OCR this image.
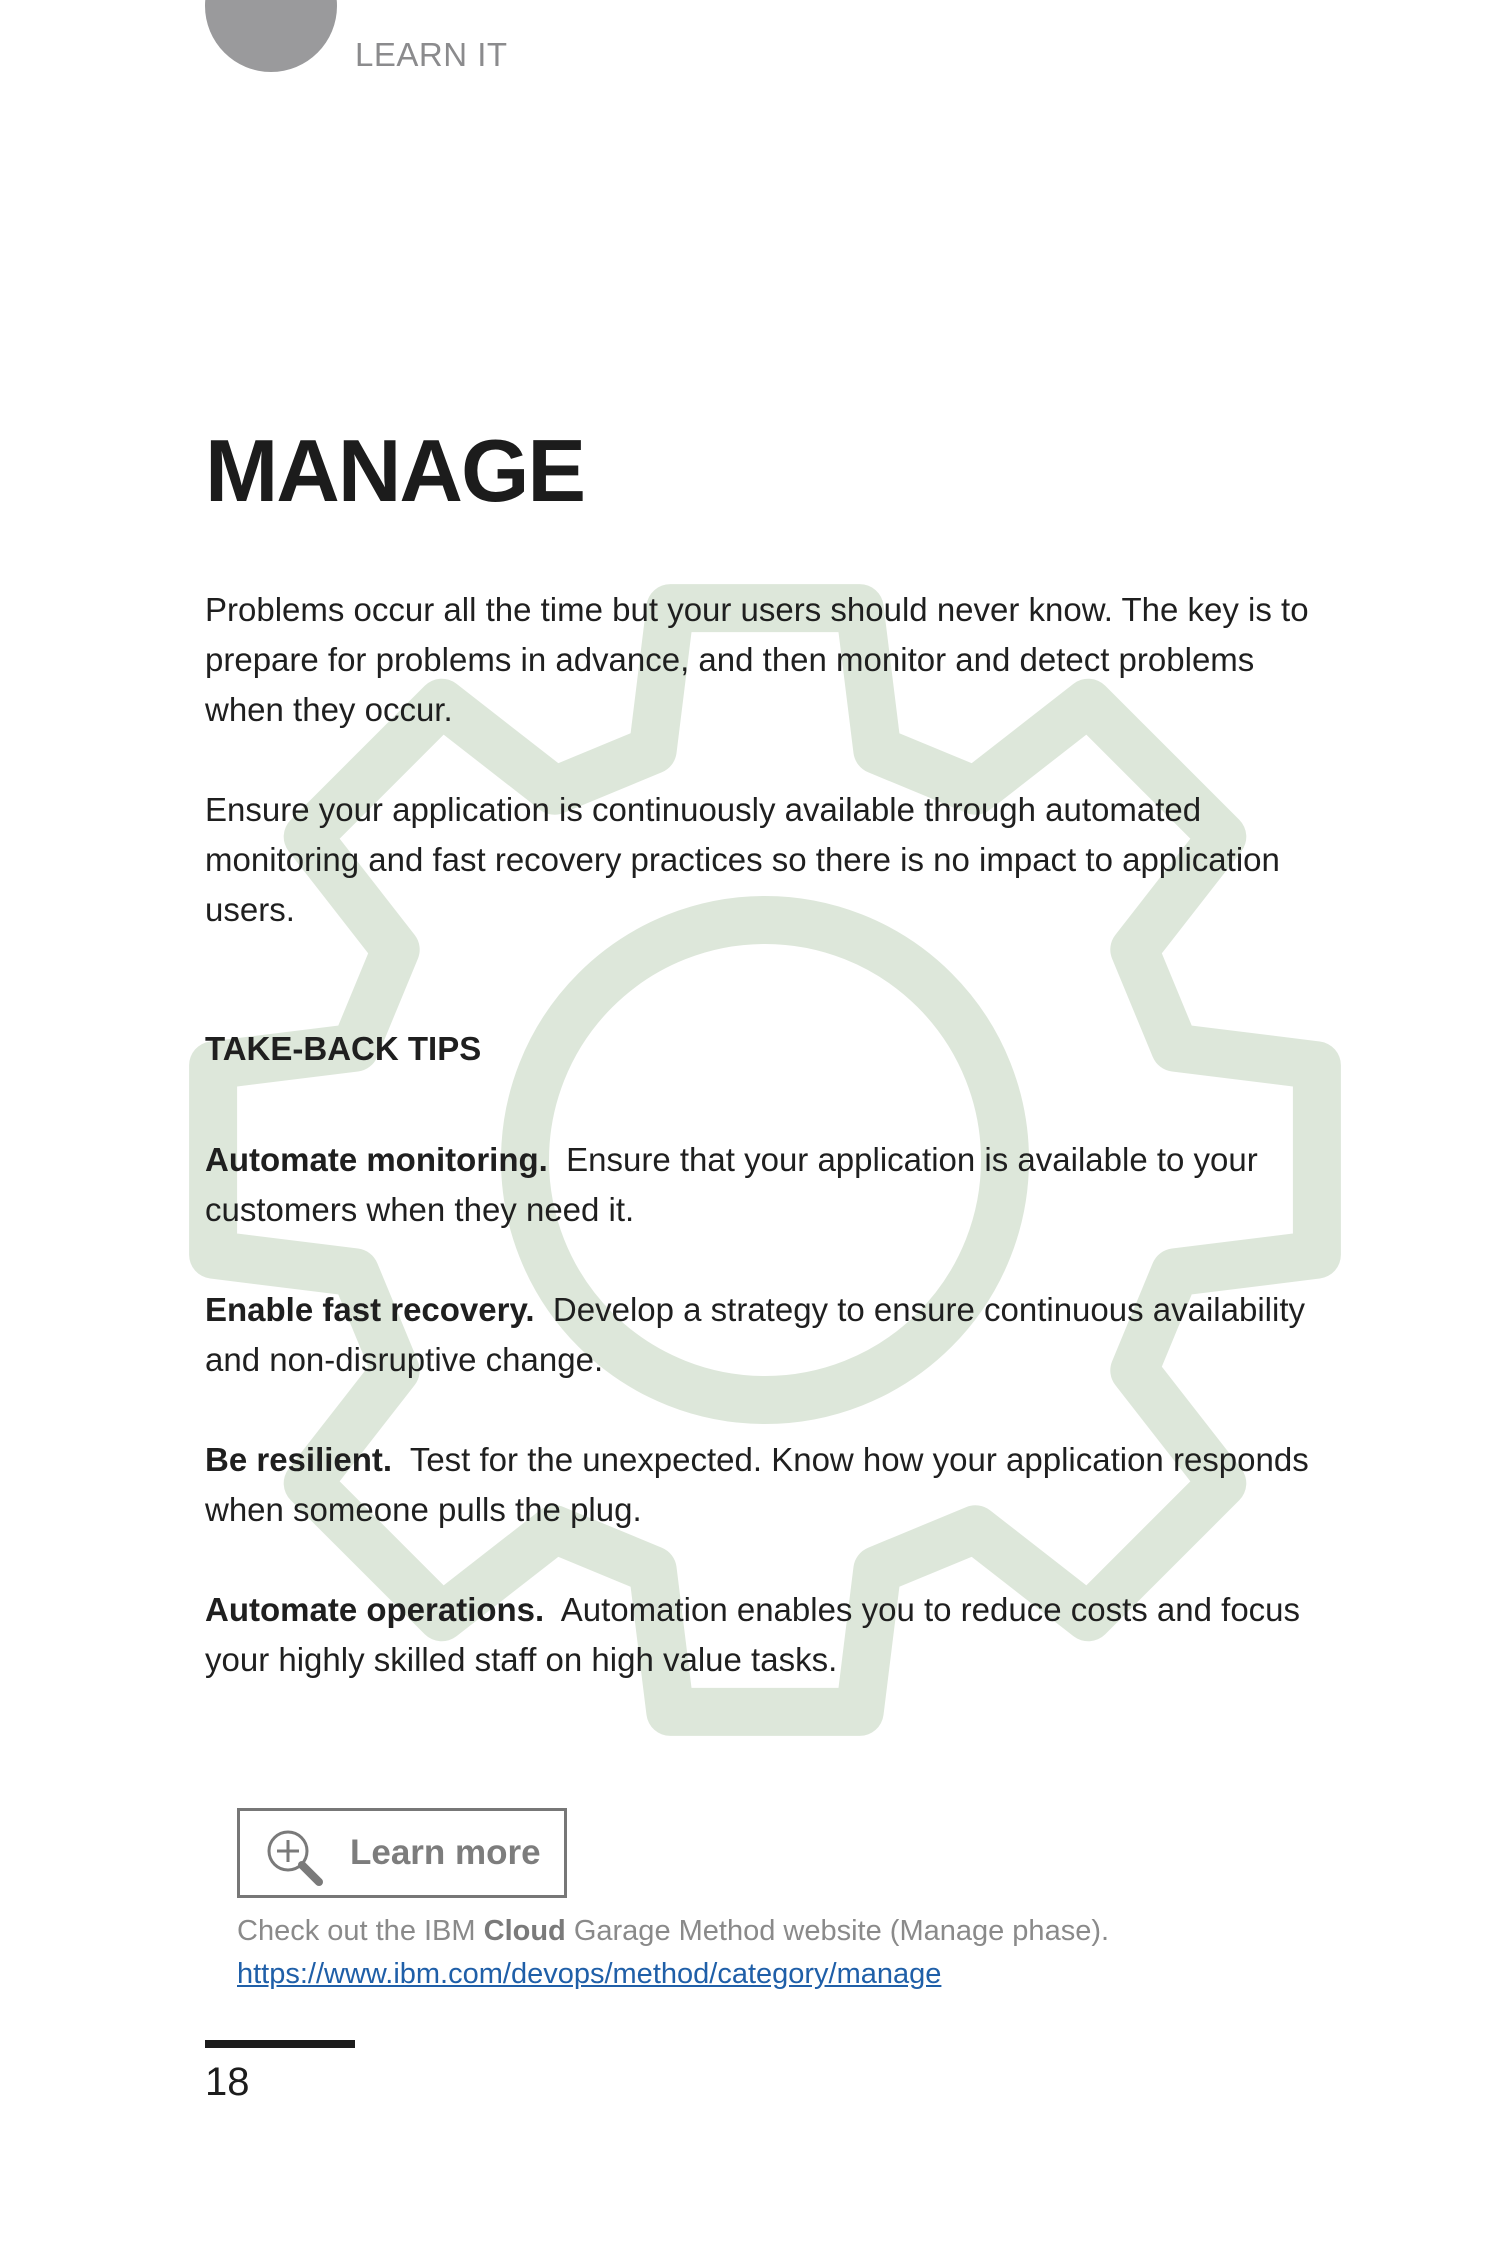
LEARN IT
MANAGE

Problems occur all the time but your users should never know. The key is to prepare for problems in advance, and then monitor and detect problems when they occur.

Ensure your application is continuously available through automated monitoring and fast recovery practices so there is no impact to application users.

TAKE-BACK TIPS

Automate monitoring. Ensure that your application is available to your customers when they need it.

Enable fast recovery. Develop a strategy to ensure continuous availability and non-disruptive change.

Be resilient. Test for the unexpected. Know how your application responds when someone pulls the plug.

Automate operations. Automation enables you to reduce costs and focus your highly skilled staff on high value tasks.

Learn more

Check out the IBM Cloud Garage Method website (Manage phase).

https://www.ibm.com/devops/method/category/manage
18
